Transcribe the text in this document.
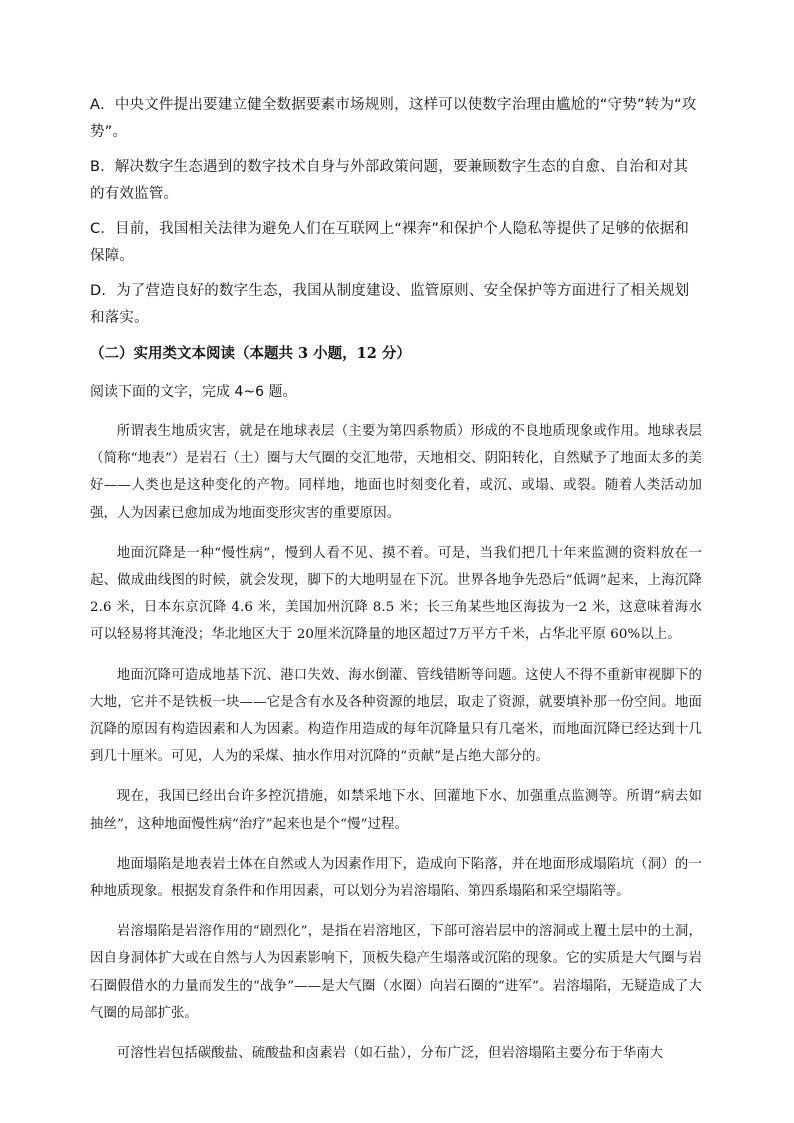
A．中央文件提出要建立健全数据要素市场规则，这样可以使数字治理由尴尬的“守势”转为“攻势”。

B．解决数字生态遇到的数字技术自身与外部政策问题，要兼顾数字生态的自愈、自治和对其的有效监管。

C．目前，我国相关法律为避免人们在互联网上“裸奔”和保护个人隐私等提供了足够的依据和保障。

D．为了营造良好的数字生态，我国从制度建设、监管原则、安全保护等方面进行了相关规划和落实。

（二）实用类文本阅读（本题共 3 小题，12 分）
阅读下面的文字，完成 4~6 题。

所谓表生地质灾害，就是在地球表层（主要为第四系物质）形成的不良地质现象或作用。地球表层（简称“地表”）是岩石（土）圈与大气圈的交汇地带，天地相交、阴阳转化，自然赋予了地面太多的美好——人类也是这种变化的产物。同样地，地面也时刻变化着，或沉、或塌、或裂。随着人类活动加强，人为因素已愈加成为地面变形灾害的重要原因。

地面沉降是一种“慢性病”，慢到人看不见、摸不着。可是，当我们把几十年来监测的资料放在一起、做成曲线图的时候，就会发现，脚下的大地明显在下沉。世界各地争先恐后“低调”起来，上海沉降 2.6 米，日本东京沉降 4.6 米，美国加州沉降 8.5 米；长三角某些地区海拔为一2 米，这意味着海水可以轻易将其淹没；华北地区大于 20厘米沉降量的地区超过7万平方千米，占华北平原 60%以上。

地面沉降可造成地基下沉、港口失效、海水倒灌、管线错断等问题。这使人不得不重新审视脚下的大地，它并不是铁板一块——它是含有水及各种资源的地层，取走了资源，就要填补那一份空间。地面沉降的原因有构造因素和人为因素。构造作用造成的每年沉降量只有几毫米，而地面沉降已经达到十几到几十厘米。可见，人为的采煤、抽水作用对沉降的“贡献”是占绝大部分的。

现在，我国已经出台许多控沉措施，如禁采地下水、回灌地下水、加强重点监测等。所谓“病去如抽丝”，这种地面慢性病“治疗”起来也是个“慢”过程。

地面塌陷是地表岩土体在自然或人为因素作用下，造成向下陷落，并在地面形成塌陷坑（洞）的一种地质现象。根据发育条件和作用因素，可以划分为岩溶塌陷、第四系塌陷和采空塌陷等。

岩溶塌陷是岩溶作用的“剧烈化”，是指在岩溶地区，下部可溶岩层中的溶洞或上覆土层中的土洞，因自身洞体扩大或在自然与人为因素影响下，顶板失稳产生塌落或沉陷的现象。它的实质是大气圈与岩石圈假借水的力量而发生的“战争”——是大气圈（水圈）向岩石圈的“进军”。岩溶塌陷，无疑造成了大气圈的局部扩张。

可溶性岩包括碳酸盐、硫酸盐和卤素岩（如石盐），分布广泛，但岩溶塌陷主要分布于华南大
